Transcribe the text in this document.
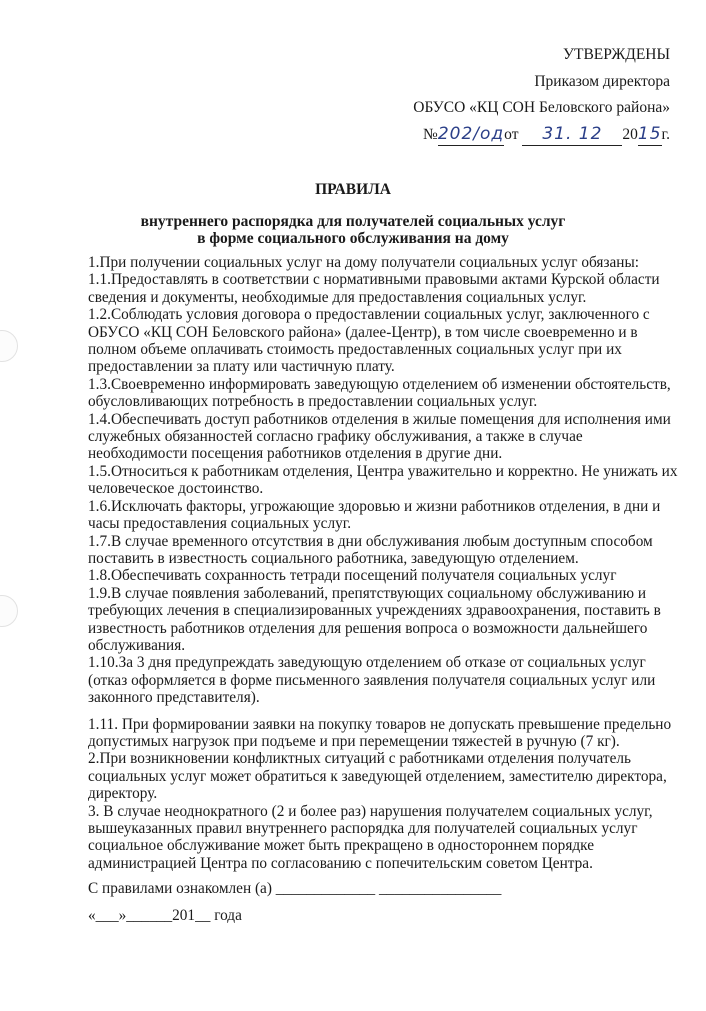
УТВЕРЖДЕНЫ
Приказом директора
ОБУСО «КЦ СОН Беловского района»
№202/одот 31. 12 2015г.
ПРАВИЛА
внутреннего распорядка для получателей социальных услуг
в форме социального обслуживания на дому

1.При получении социальных услуг на дому получатели социальных услуг обязаны:

1.1.Предоставлять в соответствии с нормативными правовыми актами Курской области сведения и документы, необходимые для предоставления социальных услуг.

1.2.Соблюдать условия договора о предоставлении социальных услуг, заключенного с ОБУСО «КЦ СОН Беловского района» (далее-Центр), в том числе своевременно и в полном объеме оплачивать стоимость предоставленных социальных услуг при их предоставлении за плату или частичную плату.

1.3.Своевременно информировать заведующую отделением об изменении обстоятельств, обусловливающих потребность в предоставлении социальных услуг.

1.4.Обеспечивать доступ работников отделения в жилые помещения для исполнения ими служебных обязанностей согласно графику обслуживания, а также в случае необходимости посещения работников отделения в другие дни.

1.5.Относиться к работникам отделения, Центра уважительно и корректно. Не унижать их человеческое достоинство.

1.6.Исключать факторы, угрожающие здоровью и жизни работников отделения, в дни и часы предоставления социальных услуг.

1.7.В случае временного отсутствия в дни обслуживания любым доступным способом поставить в известность социального работника, заведующую отделением.

1.8.Обеспечивать сохранность тетради посещений получателя социальных услуг

1.9.В случае появления заболеваний, препятствующих социальному обслуживанию и требующих лечения в специализированных учреждениях здравоохранения, поставить в известность работников отделения для решения вопроса о возможности дальнейшего обслуживания.

1.10.За 3 дня предупреждать заведующую отделением об отказе от социальных услуг (отказ оформляется в форме письменного заявления получателя социальных услуг или законного представителя).

1.11. При формировании заявки на покупку товаров не допускать превышение предельно допустимых нагрузок при подъеме и при перемещении тяжестей в ручную (7 кг).

2.При возникновении конфликтных ситуаций с работниками отделения получатель социальных услуг может обратиться к заведующей отделением, заместителю директора, директору.

3. В случае неоднократного (2 и более раз) нарушения получателем социальных услуг, вышеуказанных правил внутреннего распорядка для получателей социальных услуг социальное обслуживание может быть прекращено в одностороннем порядке администрацией Центра по согласованию с попечительским советом Центра.

С правилами ознакомлен (а) _____________ ________________
«___»______201__ года
